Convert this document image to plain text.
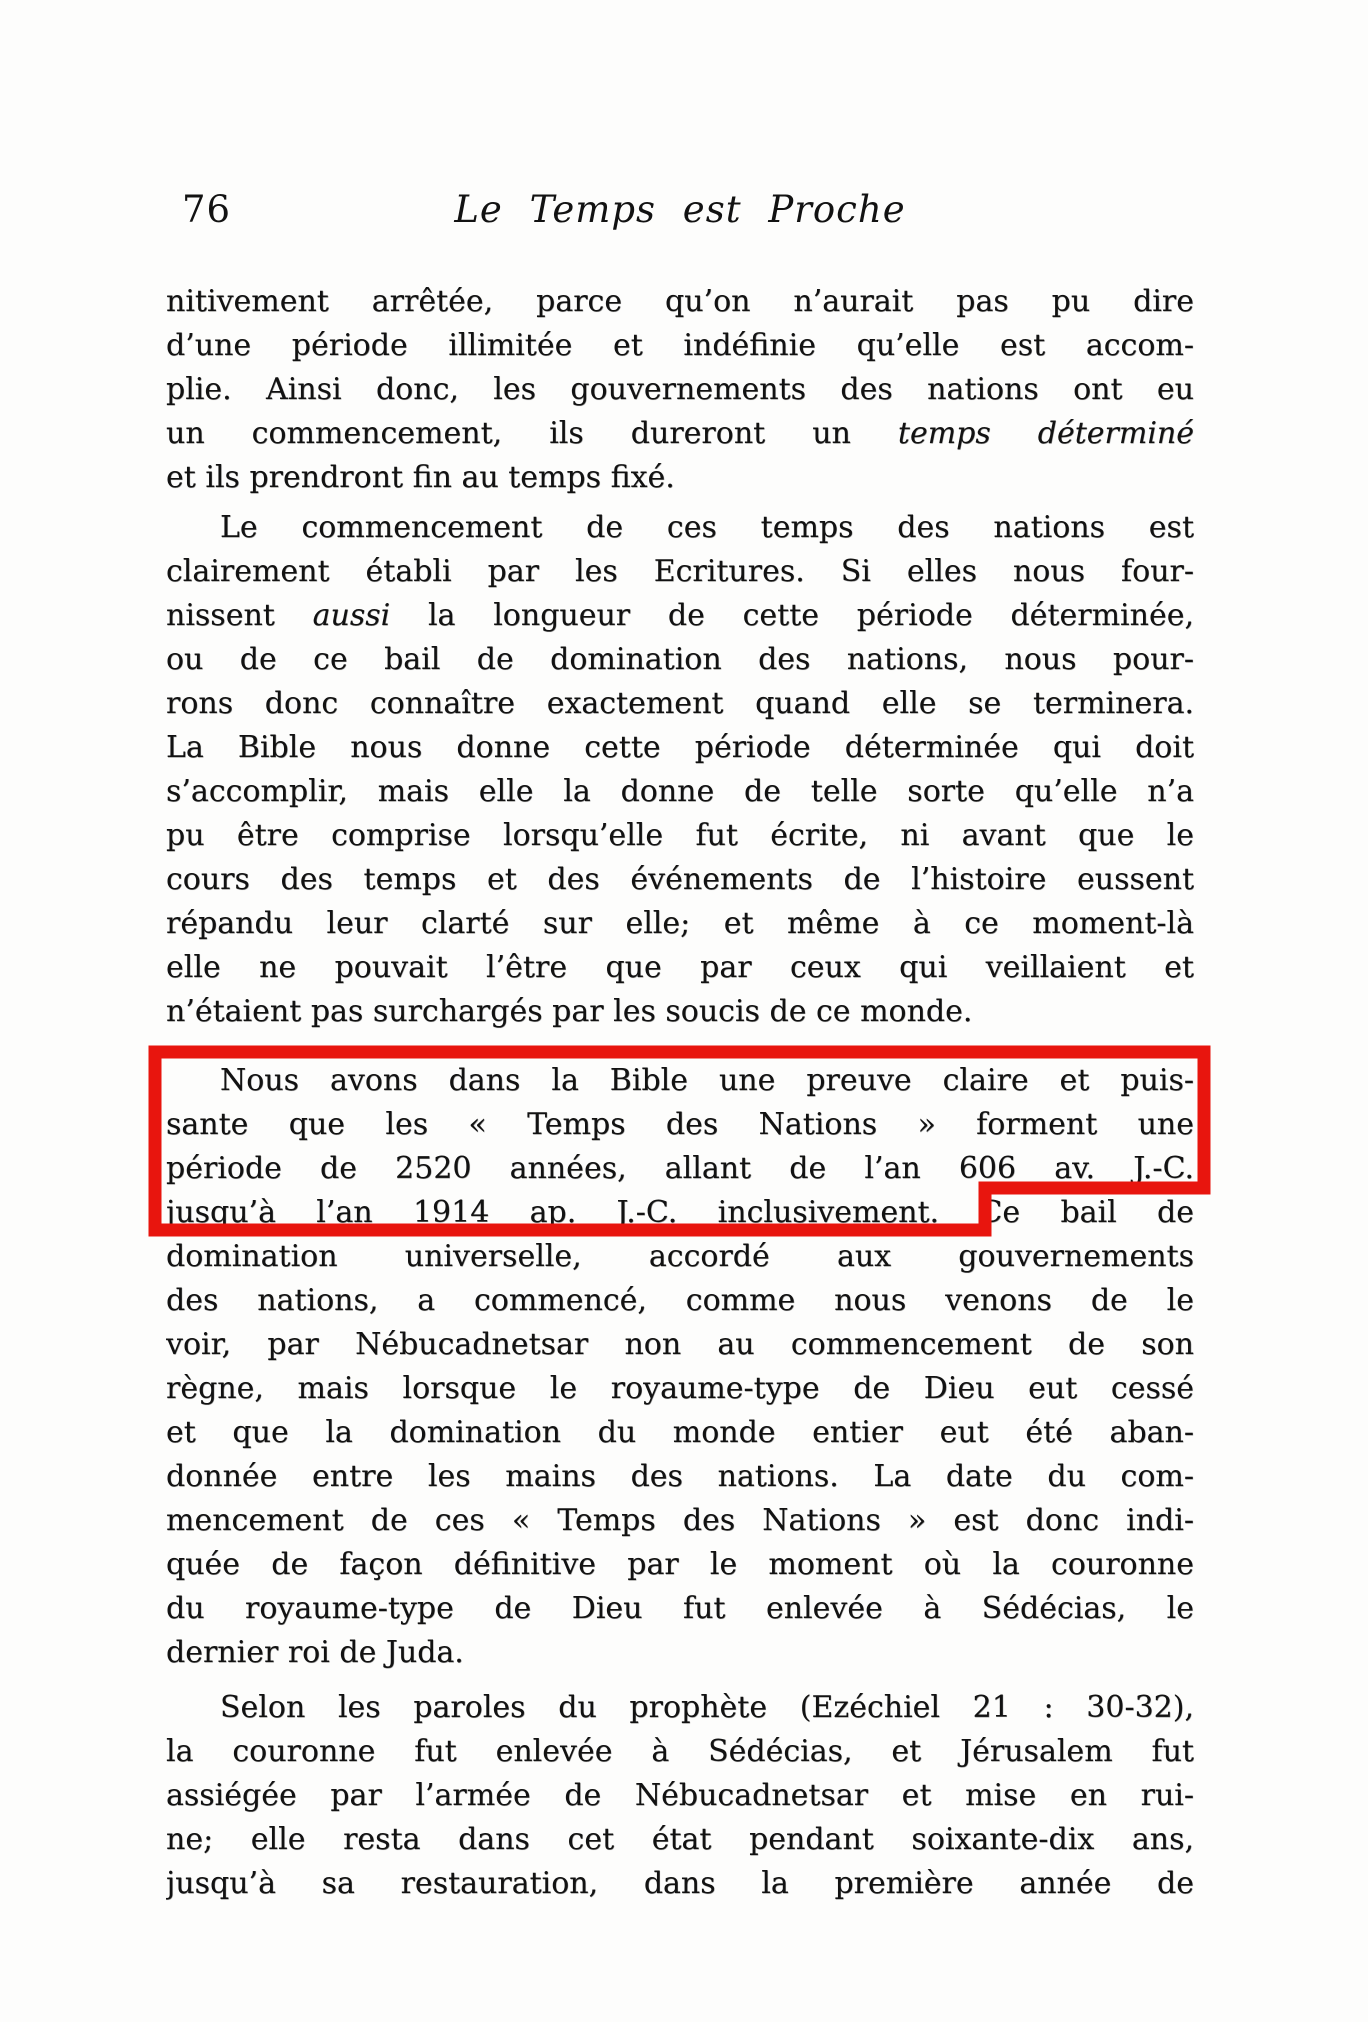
76	Le Temps est Proche
nitivement arrêtée, parce qu’on n’aurait pas pu dire
d’une période illimitée et indéfinie qu’elle est accom-
plie. Ainsi donc, les gouvernements des nations ont eu
un commencement, ils dureront un temps déterminé
et ils prendront fin au temps fixé.
Le commencement de ces temps des nations est
clairement établi par les Ecritures. Si elles nous four-
nissent aussi la longueur de cette période déterminée,
ou de ce bail de domination des nations, nous pour-
rons donc connaître exactement quand elle se terminera.
La Bible nous donne cette période déterminée qui doit
s’accomplir, mais elle la donne de telle sorte qu’elle n’a
pu être comprise lorsqu’elle fut écrite, ni avant que le
cours des temps et des événements de l’histoire eussent
répandu leur clarté sur elle; et même à ce moment-là
elle ne pouvait l’être que par ceux qui veillaient et
n’étaient pas surchargés par les soucis de ce monde.
Nous avons dans la Bible une preuve claire et puis-
sante que les « Temps des Nations » forment une
période de 2520 années, allant de l’an 606 av. J.-C.
jusqu’à l’an 1914 ap. J.-C. inclusivement. Ce bail de
domination universelle, accordé aux gouvernements
des nations, a commencé, comme nous venons de le
voir, par Nébucadnetsar non au commencement de son
règne, mais lorsque le royaume-type de Dieu eut cessé
et que la domination du monde entier eut été aban-
donnée entre les mains des nations. La date du com-
mencement de ces « Temps des Nations » est donc indi-
quée de façon définitive par le moment où la couronne
du royaume-type de Dieu fut enlevée à Sédécias, le
dernier roi de Juda.
Selon les paroles du prophète (Ezéchiel 21 : 30-32),
la couronne fut enlevée à Sédécias, et Jérusalem fut
assiégée par l’armée de Nébucadnetsar et mise en rui-
ne; elle resta dans cet état pendant soixante-dix ans,
jusqu’à sa restauration, dans la première année de
